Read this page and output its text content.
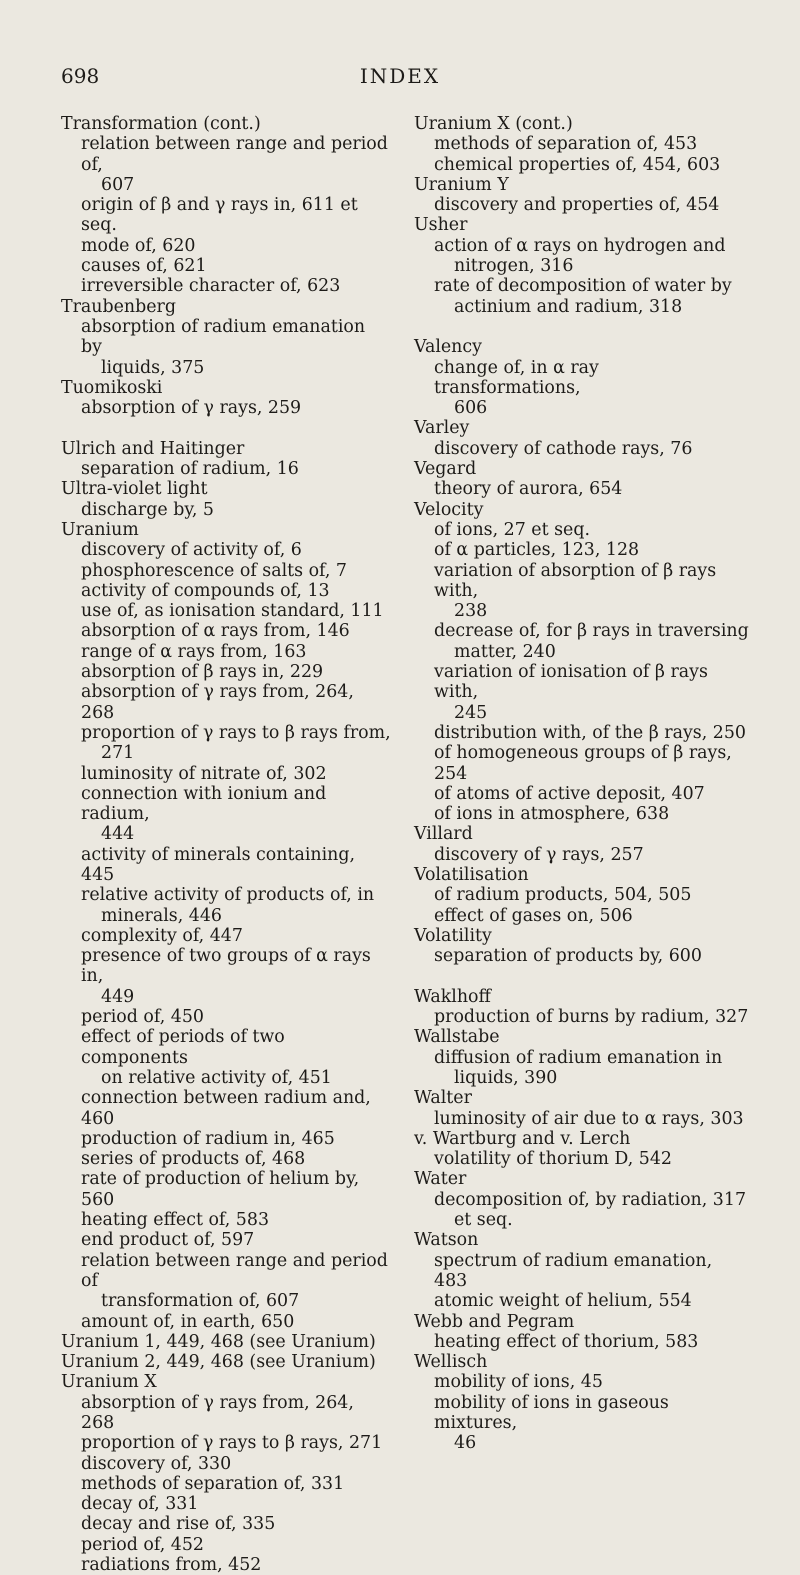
698	INDEX
Transformation (cont.)
relation between range and period of,
607
origin of β and γ rays in, 611 et seq.
mode of, 620
causes of, 621
irreversible character of, 623
Traubenberg
absorption of radium emanation by
liquids, 375
Tuomikoski
absorption of γ rays, 259
Ulrich and Haitinger
separation of radium, 16
Ultra-violet light
discharge by, 5
Uranium
discovery of activity of, 6
phosphorescence of salts of, 7
activity of compounds of, 13
use of, as ionisation standard, 111
absorption of α rays from, 146
range of α rays from, 163
absorption of β rays in, 229
absorption of γ rays from, 264, 268
proportion of γ rays to β rays from,
271
luminosity of nitrate of, 302
connection with ionium and radium,
444
activity of minerals containing, 445
relative activity of products of, in
minerals, 446
complexity of, 447
presence of two groups of α rays in,
449
period of, 450
effect of periods of two components
on relative activity of, 451
connection between radium and, 460
production of radium in, 465
series of products of, 468
rate of production of helium by, 560
heating effect of, 583
end product of, 597
relation between range and period of
transformation of, 607
amount of, in earth, 650
Uranium 1, 449, 468 (see Uranium)
Uranium 2, 449, 468 (see Uranium)
Uranium X
absorption of γ rays from, 264, 268
proportion of γ rays to β rays, 271
discovery of, 330
methods of separation of, 331
decay of, 331
decay and rise of, 335
period of, 452
radiations from, 452
Uranium X (cont.)
methods of separation of, 453
chemical properties of, 454, 603
Uranium Y
discovery and properties of, 454
Usher
action of α rays on hydrogen and
nitrogen, 316
rate of decomposition of water by
actinium and radium, 318
Valency
change of, in α ray transformations,
606
Varley
discovery of cathode rays, 76
Vegard
theory of aurora, 654
Velocity
of ions, 27 et seq.
of α particles, 123, 128
variation of absorption of β rays with,
238
decrease of, for β rays in traversing
matter, 240
variation of ionisation of β rays with,
245
distribution with, of the β rays, 250
of homogeneous groups of β rays, 254
of atoms of active deposit, 407
of ions in atmosphere, 638
Villard
discovery of γ rays, 257
Volatilisation
of radium products, 504, 505
effect of gases on, 506
Volatility
separation of products by, 600
Waklhoff
production of burns by radium, 327
Wallstabe
diffusion of radium emanation in
liquids, 390
Walter
luminosity of air due to α rays, 303
v. Wartburg and v. Lerch
volatility of thorium D, 542
Water
decomposition of, by radiation, 317
et seq.
Watson
spectrum of radium emanation, 483
atomic weight of helium, 554
Webb and Pegram
heating effect of thorium, 583
Wellisch
mobility of ions, 45
mobility of ions in gaseous mixtures,
46
